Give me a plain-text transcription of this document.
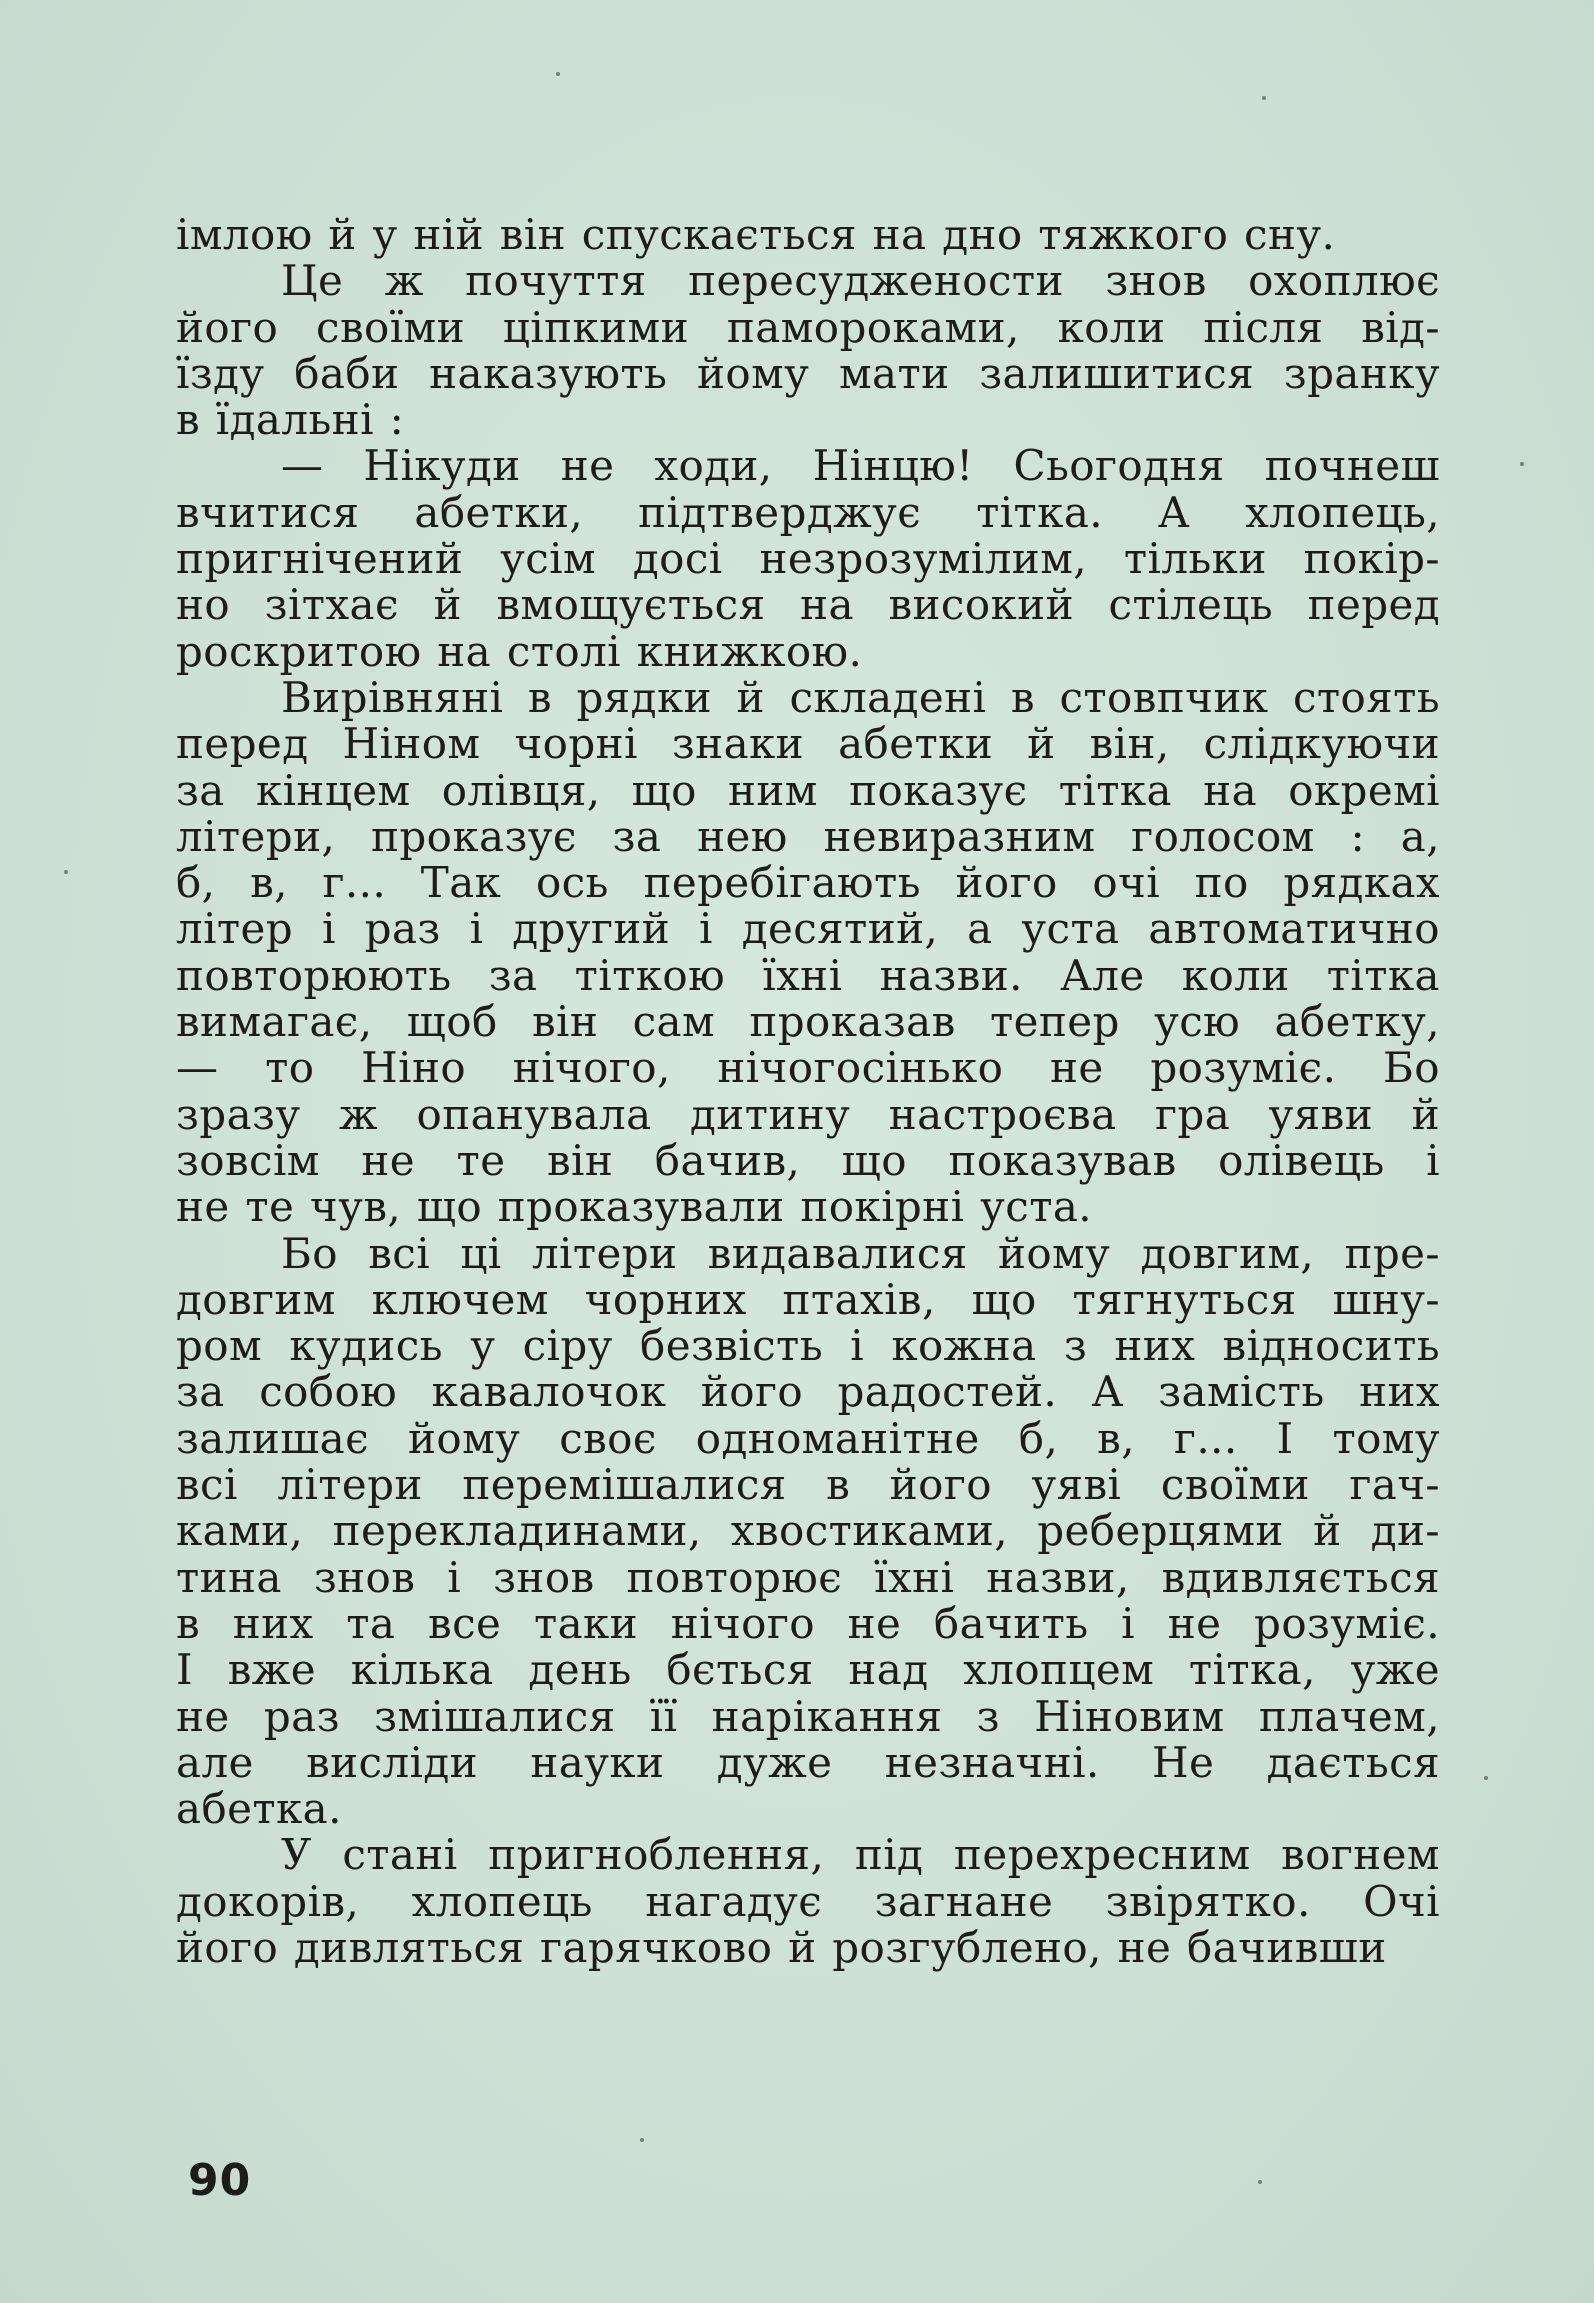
імлою й у ній він спускається на дно тяжкого сну.
Це ж почуття пересуджености знов охоплює
його своїми ціпкими памороками, коли після від-
їзду баби наказують йому мати залишитися зранку
в їдальні :
— Нікуди не ходи, Нінцю! Сьогодня почнеш
вчитися абетки, підтверджує тітка. А хлопець,
пригнічений усім досі незрозумілим, тільки покір-
но зітхає й вмощується на високий стілець перед
роскритою на столі книжкою.
Вирівняні в рядки й складені в стовпчик стоять
перед Ніном чорні знаки абетки й він, слідкуючи
за кінцем олівця, що ним показує тітка на окремі
літери, проказує за нею невиразним голосом : а,
б, в, г... Так ось перебігають його очі по рядках
літер і раз і другий і десятий, а уста автоматично
повторюють за тіткою їхні назви. Але коли тітка
вимагає, щоб він сам проказав тепер усю абетку,
— то Ніно нічого, нічогосінько не розуміє. Бо
зразу ж опанувала дитину настроєва гра уяви й
зовсім не те він бачив, що показував олівець і
не те чув, що проказували покірні уста.
Бо всі ці літери видавалися йому довгим, пре-
довгим ключем чорних птахів, що тягнуться шну-
ром кудись у сіру безвість і кожна з них відносить
за собою кавалочок його радостей. А замість них
залишає йому своє одноманітне б, в, г... І тому
всі літери перемішалися в його уяві своїми гач-
ками, перекладинами, хвостиками, реберцями й ди-
тина знов і знов повторює їхні назви, вдивляється
в них та все таки нічого не бачить і не розуміє.
І вже кілька день бється над хлопцем тітка, уже
не раз змішалися її нарікання з Ніновим плачем,
але висліди науки дуже незначні. Не дається
абетка.
У стані пригноблення, під перехресним вогнем
докорів, хлопець нагадує загнане звірятко. Очі
його дивляться гарячково й розгублено, не бачивши
90
